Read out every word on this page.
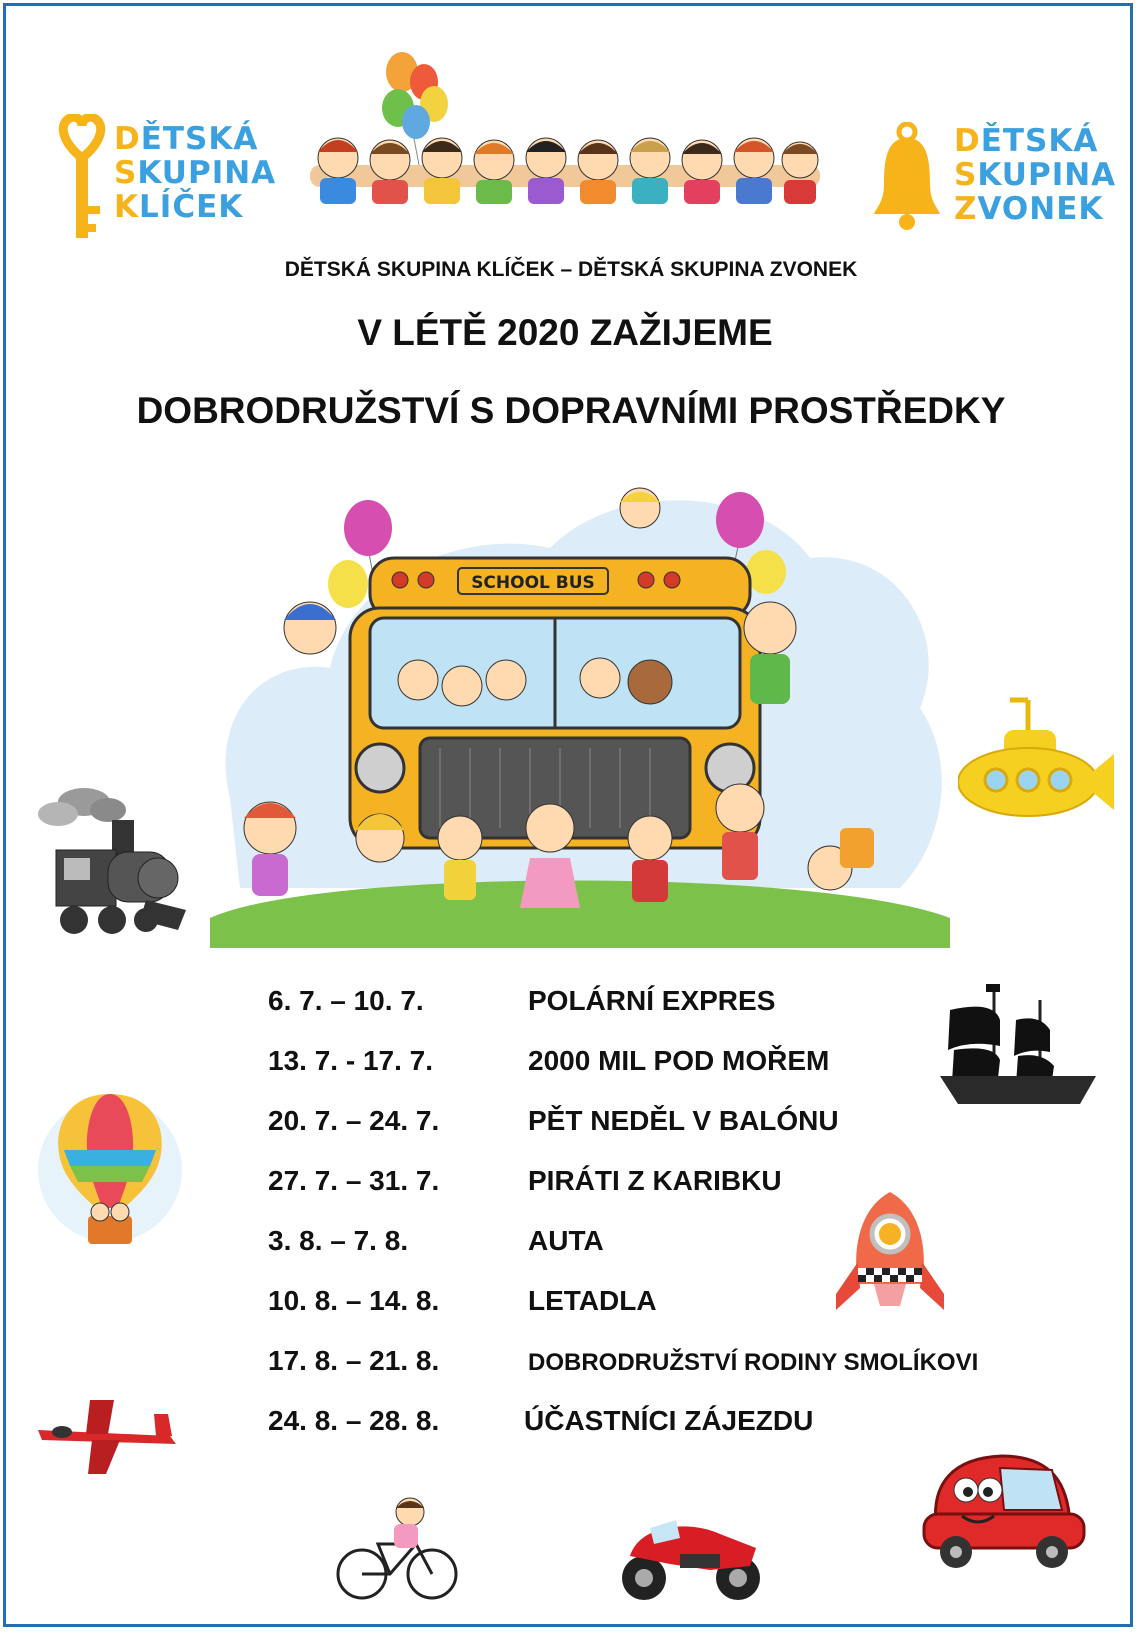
DĚTSKÁ
SKUPINA
KLÍČEK
DĚTSKÁ
SKUPINA
ZVONEK
DĚTSKÁ SKUPINA KLÍČEK – DĚTSKÁ SKUPINA ZVONEK
V LÉTĚ 2020 ZAŽIJEME
DOBRODRUŽSTVÍ S DOPRAVNÍMI PROSTŘEDKY
SCHOOL BUS
6. 7. – 10. 7.	POLÁRNÍ EXPRES
13. 7. - 17. 7.	2000 MIL POD MOŘEM
20. 7. – 24. 7.	PĚT NEDĚL V BALÓNU
27. 7. – 31. 7.	PIRÁTI Z KARIBKU
3. 8. – 7. 8.	AUTA
10. 8. – 14. 8.	LETADLA
17. 8. – 21. 8.	DOBRODRUŽSTVÍ RODINY SMOLÍKOVI
24. 8. – 28. 8.	ÚČASTNÍCI ZÁJEZDU
